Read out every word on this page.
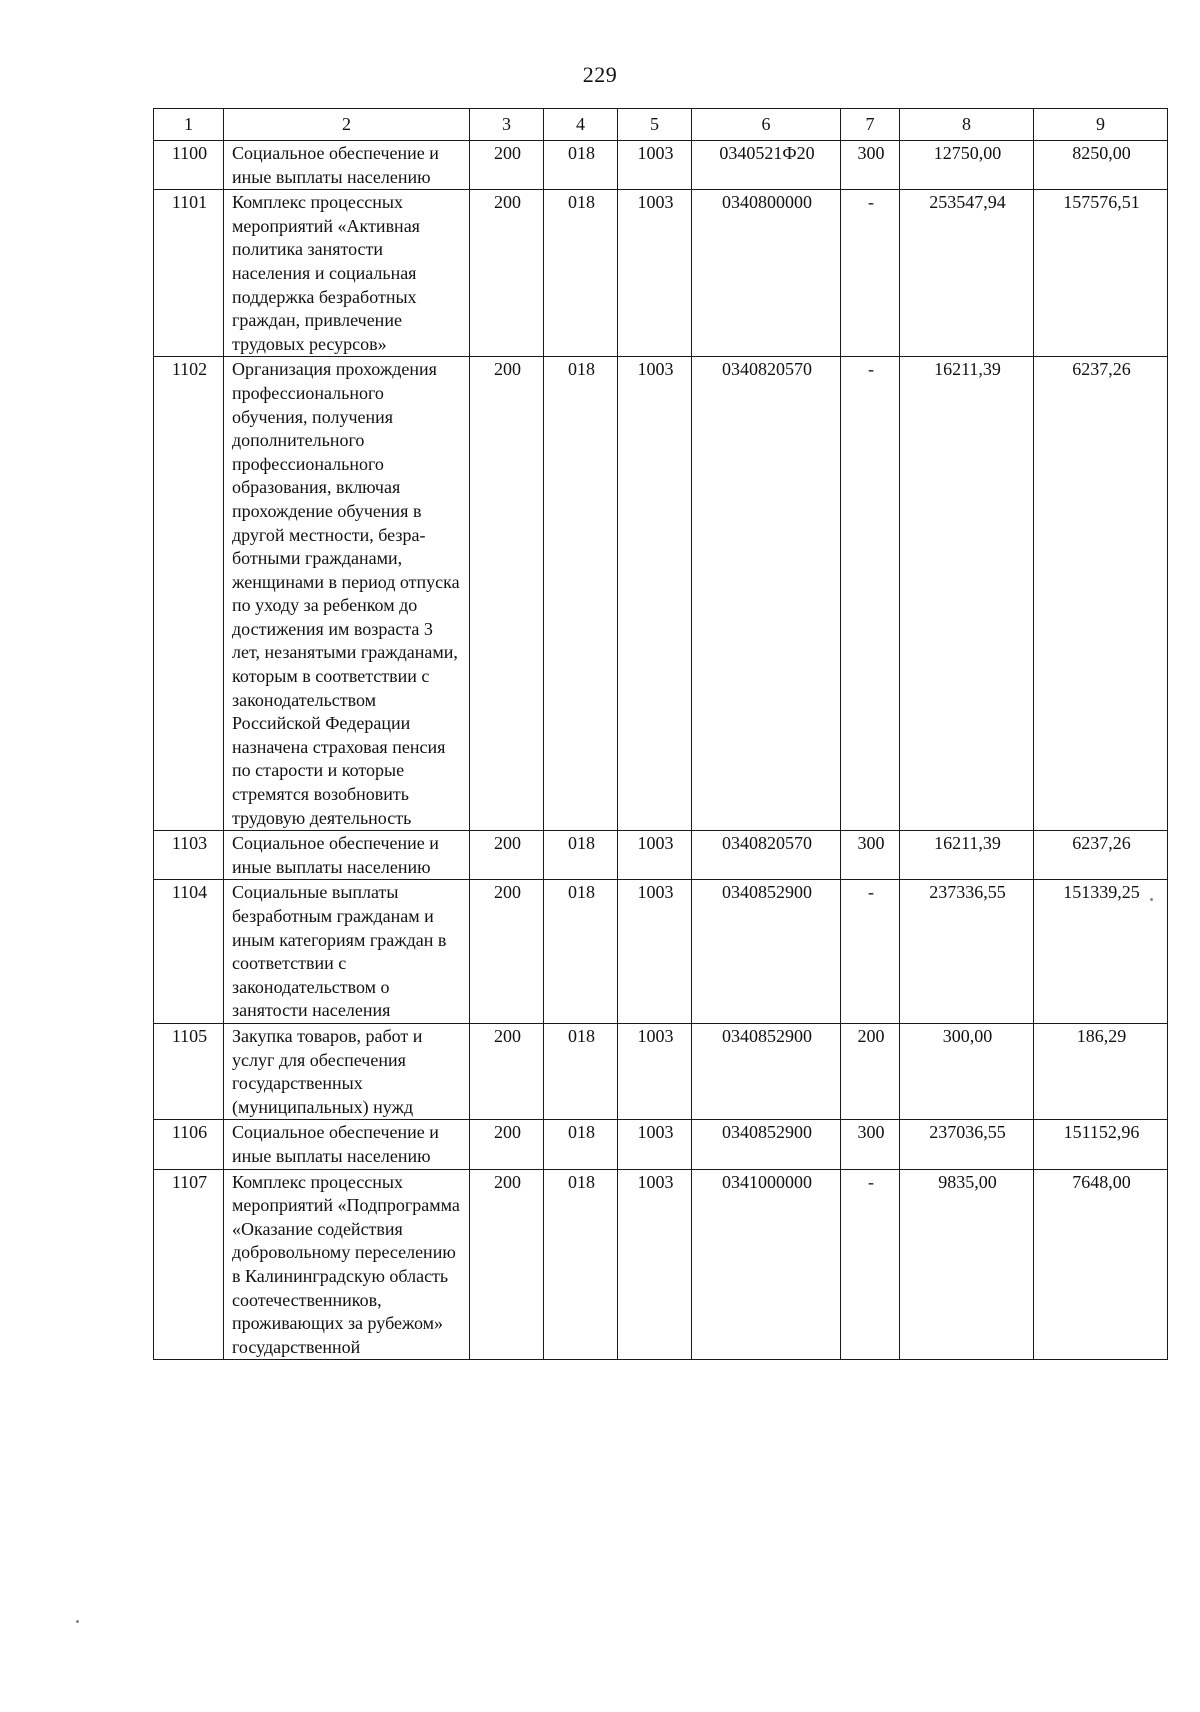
229
1	2	3	4	5	6	7	8	9
1100	Социальное обеспечение и иные выплаты населению	200	018	1003	0340521Ф20	300	12750,00	8250,00
1101	Комплекс процессных мероприятий «Активная политика занятости населения и социальная поддержка безработных граждан, привлечение трудовых ресурсов»	200	018	1003	0340800000	-	253547,94	157576,51
1102	Организация прохождения профессионального обучения, получения дополнительного профессионального образования, включая прохождение обучения в другой местности, безра-ботными гражданами, женщинами в период отпуска по уходу за ребенком до достижения им возраста 3 лет, незанятыми гражданами, которым в соответствии с законодательством Российской Федерации назначена страховая пенсия по старости и которые стремятся возобновить трудовую деятельность	200	018	1003	0340820570	-	16211,39	6237,26
1103	Социальное обеспечение и иные выплаты населению	200	018	1003	0340820570	300	16211,39	6237,26
1104	Социальные выплаты безработным гражданам и иным категориям граждан в соответствии с законодательством о занятости населения	200	018	1003	0340852900	-	237336,55	151339,25
1105	Закупка товаров, работ и услуг для обеспечения государственных (муниципальных) нужд	200	018	1003	0340852900	200	300,00	186,29
1106	Социальное обеспечение и иные выплаты населению	200	018	1003	0340852900	300	237036,55	151152,96
1107	Комплекс процессных мероприятий «Подпрограмма «Оказание содействия добровольному переселению в Калининградскую область соотечественников, проживающих за рубежом» государственной	200	018	1003	0341000000	-	9835,00	7648,00
